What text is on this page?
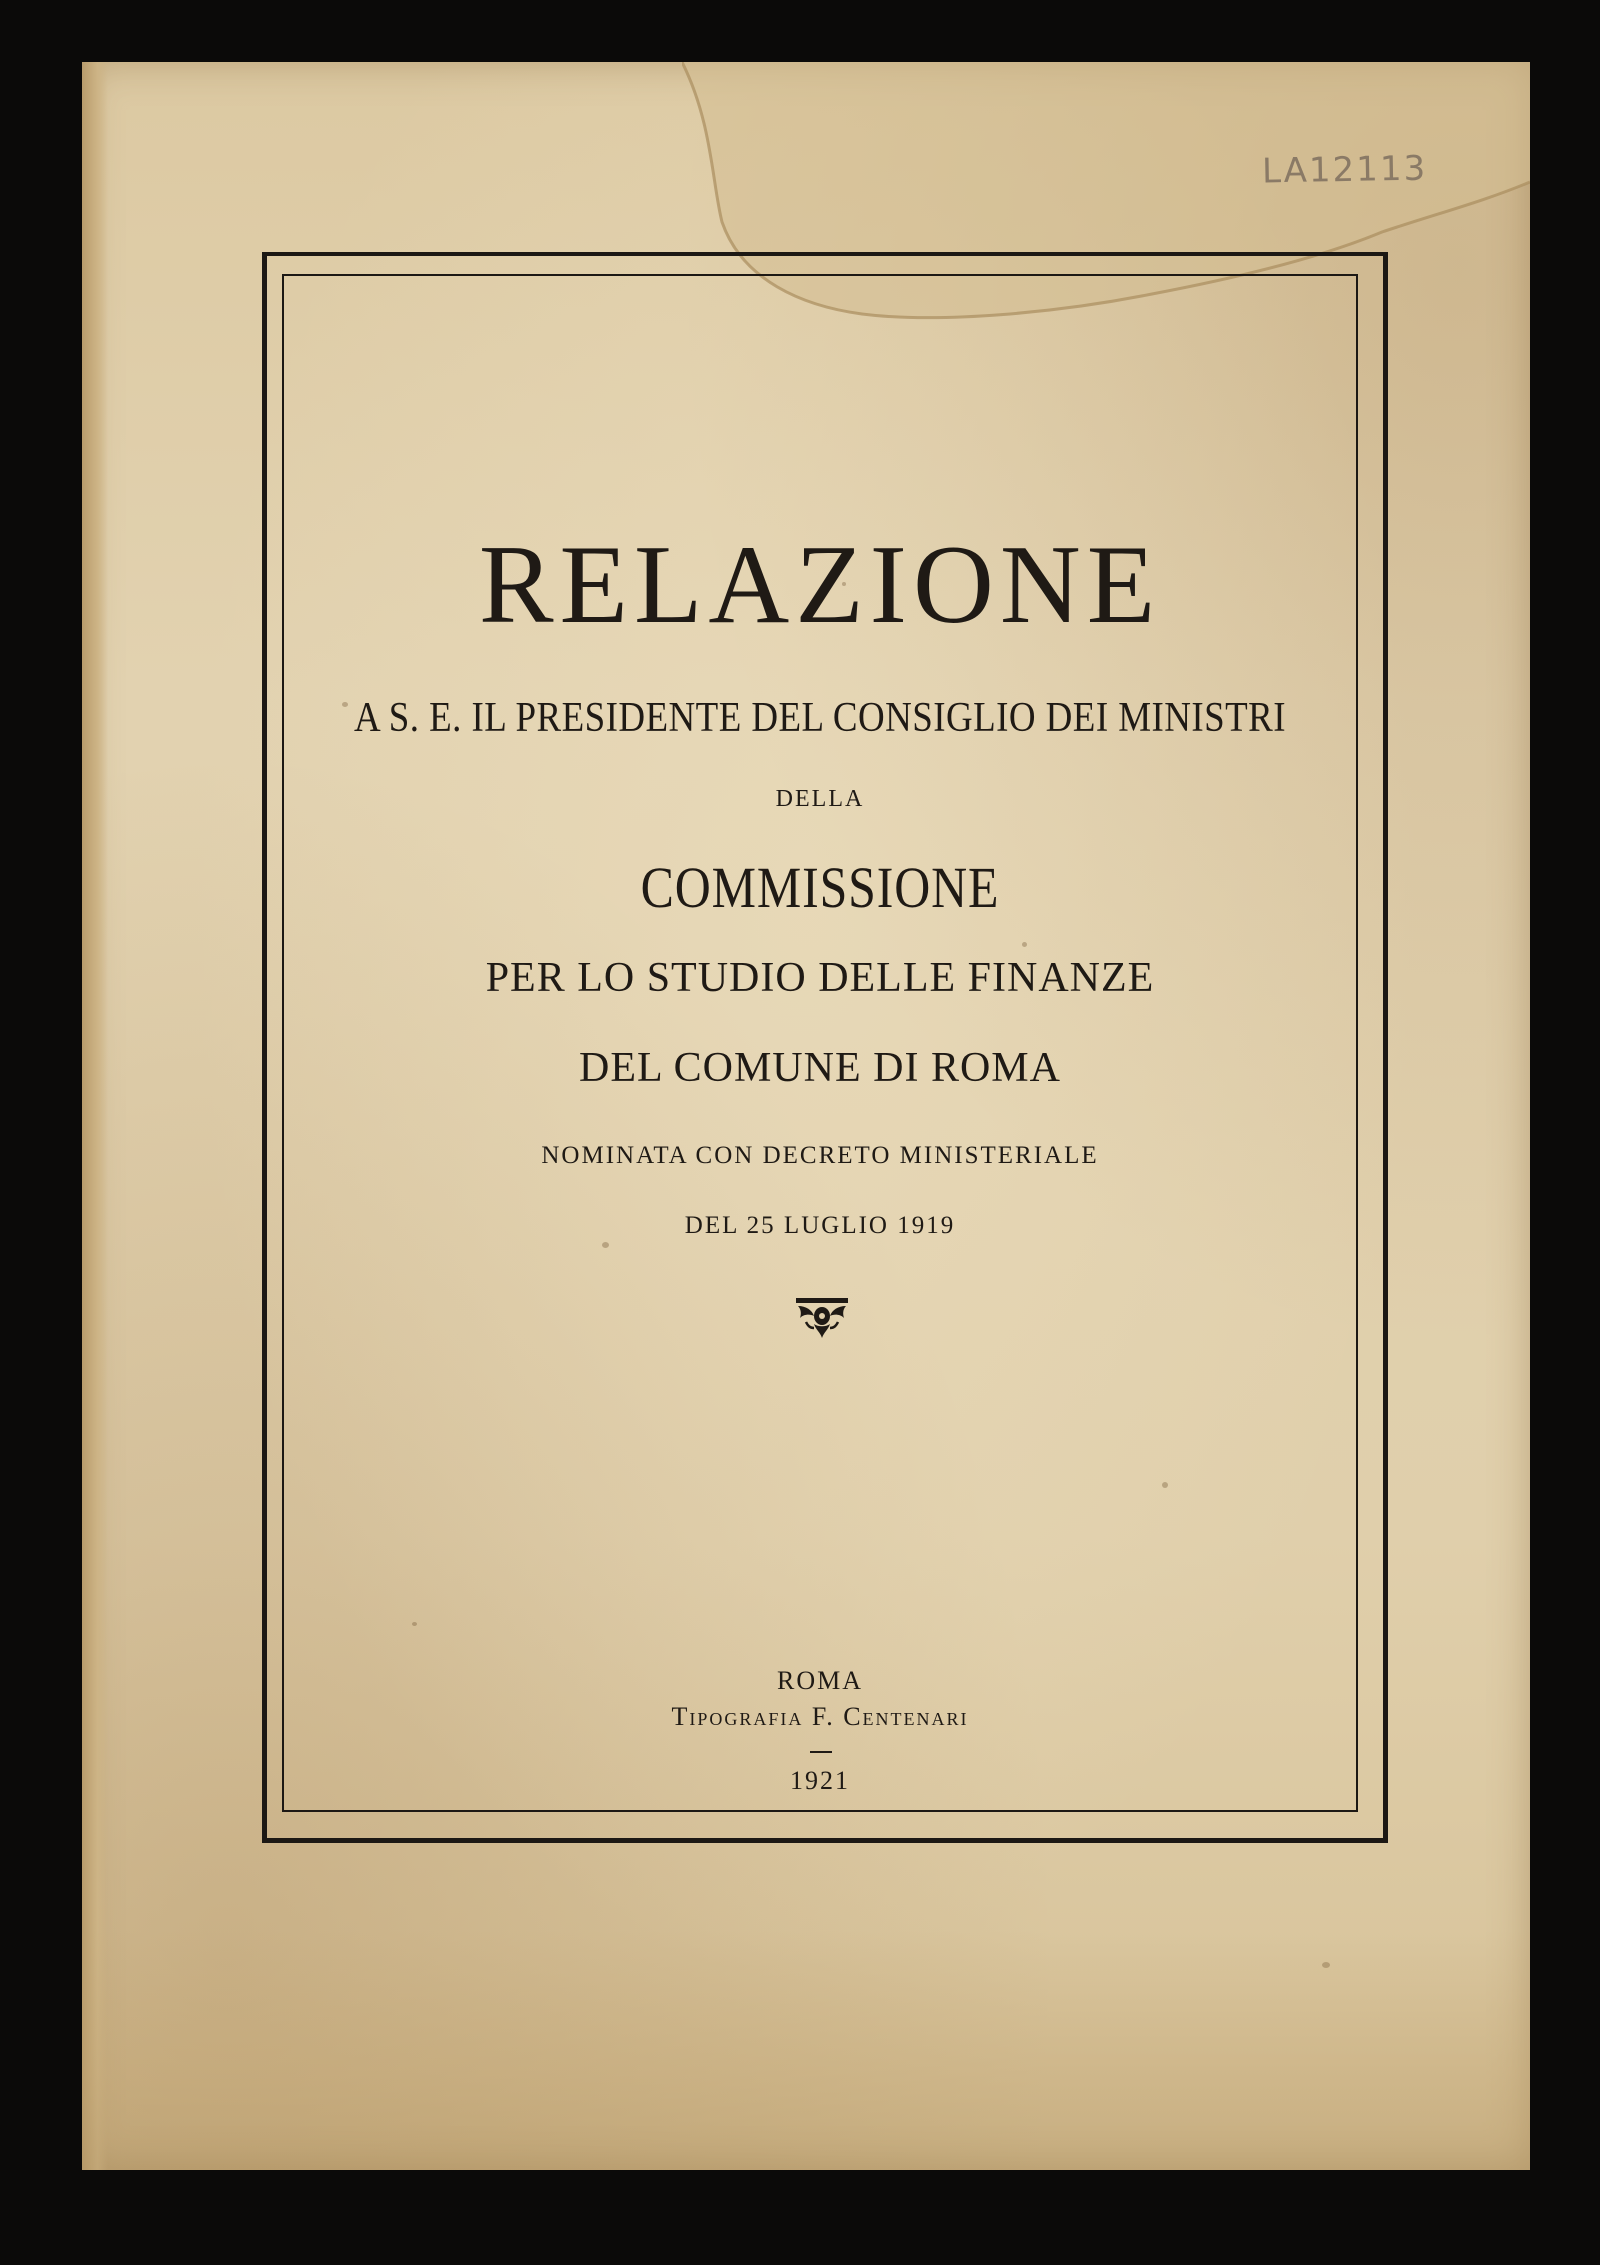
LA12113
RELAZIONE
A S. E. IL PRESIDENTE DEL CONSIGLIO DEI MINISTRI
DELLA
COMMISSIONE
PER LO STUDIO DELLE FINANZE
DEL COMUNE DI ROMA
NOMINATA CON DECRETO MINISTERIALE
DEL 25 LUGLIO 1919
ROMA
Tipografia F. Centenari
1921
